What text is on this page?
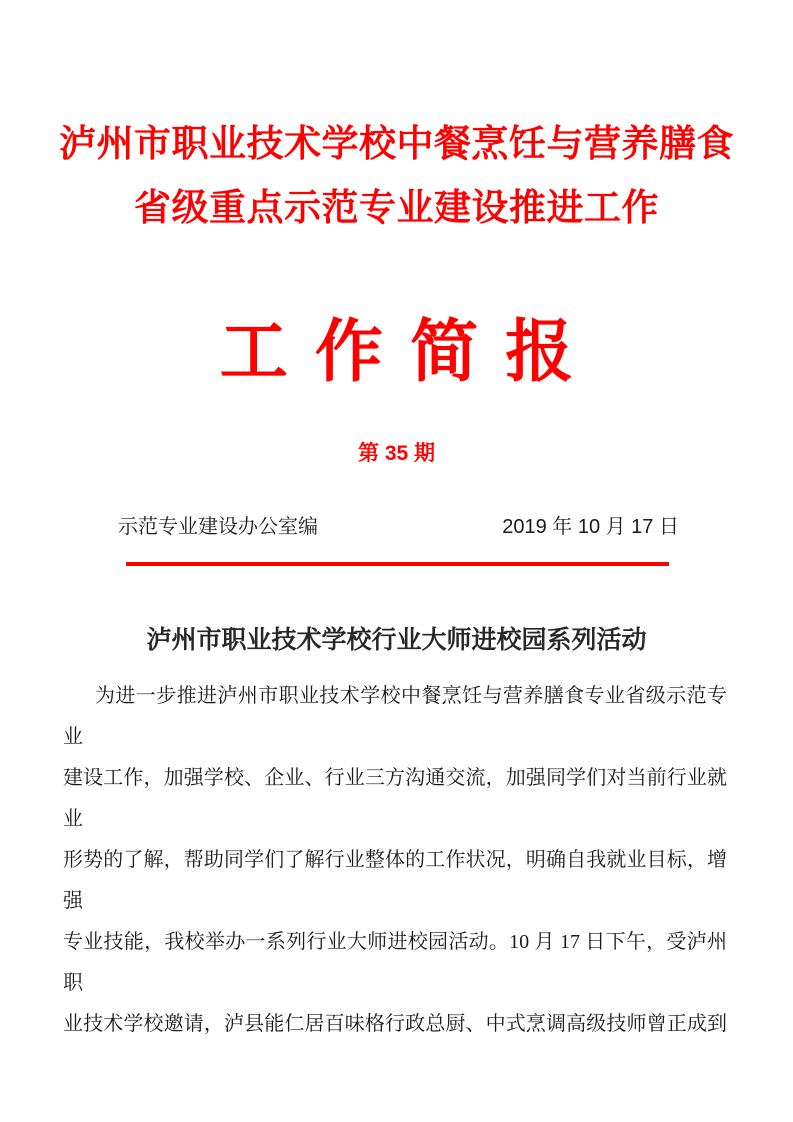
泸州市职业技术学校中餐烹饪与营养膳食
省级重点示范专业建设推进工作
工作简报
第 35 期
示范专业建设办公室编	2019 年 10 月 17 日
泸州市职业技术学校行业大师进校园系列活动
为进一步推进泸州市职业技术学校中餐烹饪与营养膳食专业省级示范专业
建设工作，加强学校、企业、行业三方沟通交流，加强同学们对当前行业就业
形势的了解，帮助同学们了解行业整体的工作状况，明确自我就业目标，增强
专业技能，我校举办一系列行业大师进校园活动。10 月 17 日下午，受泸州职
业技术学校邀请，泸县能仁居百味格行政总厨、中式烹调高级技师曾正成到
